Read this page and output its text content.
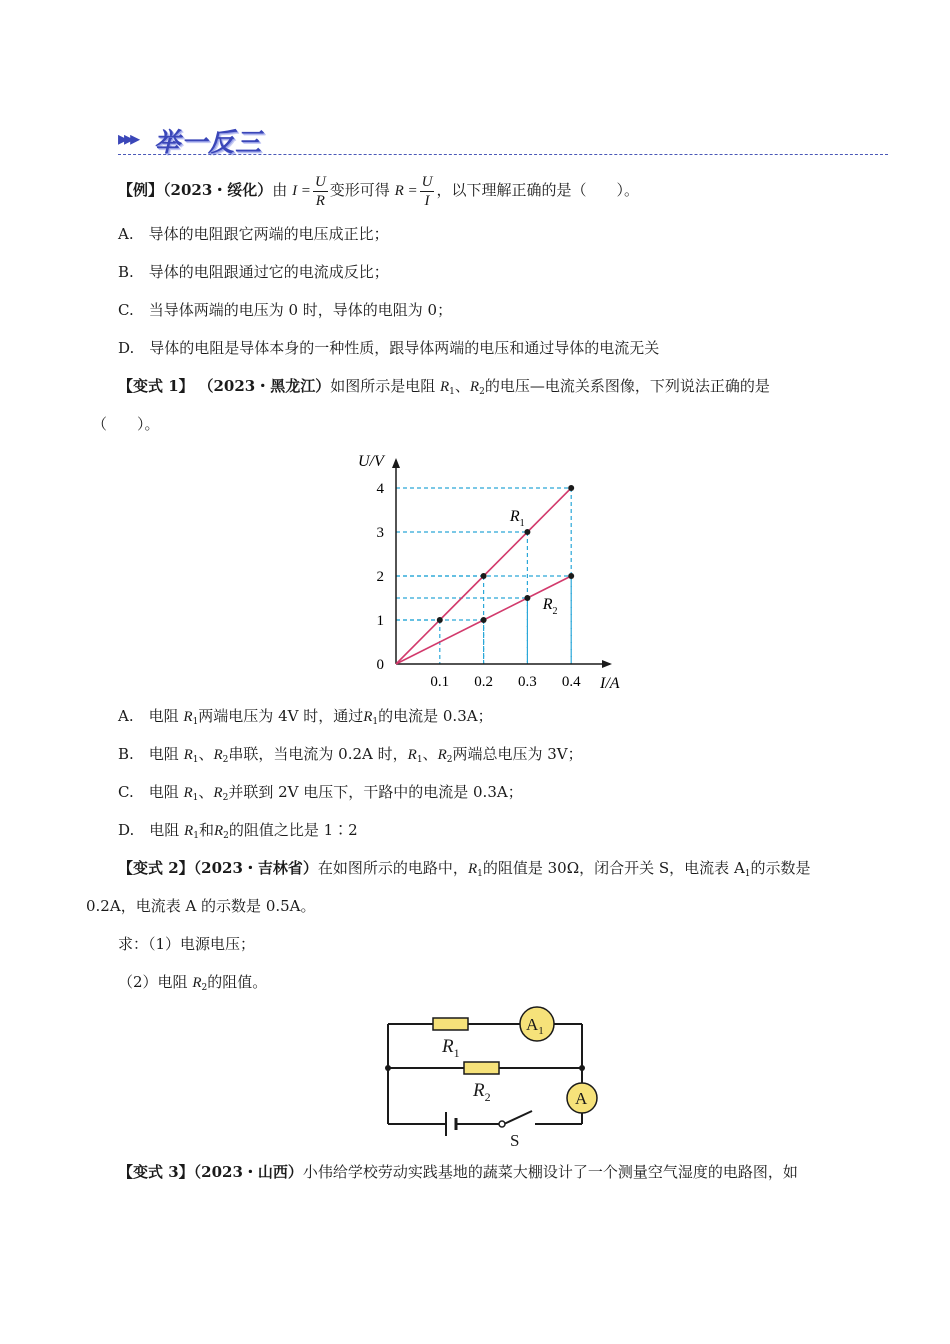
▸▸▸ 举一反三
【例】（2023・绥化）由 $I = \frac{U}{R}$ 变形可得 $R = \frac{U}{I}$ ，以下理解正确的是（　　）。
A.　导体的电阻跟它两端的电压成正比；
B.　导体的电阻跟通过它的电流成反比；
C.　当导体两端的电压为 0 时，导体的电阻为 0；
D.　导体的电阻是导体本身的一种性质，跟导体两端的电压和通过导体的电流无关
【变式 1】 （2023・黑龙江）如图所示是电阻 $R_1$、$R_2$的电压—电流关系图像，下列说法正确的是
（　　）。
0.1 0.2 0.3 0.4
1
2
3
4
0
U/V
I/A
$R_1$
$R_2$
A.　电阻 $R_1$两端电压为 4V 时，通过$R_1$的电流是 0.3A；
B.　电阻 $R_1$、$R_2$串联，当电流为 0.2A 时，$R_1$、$R_2$两端总电压为 3V；
C.　电阻 $R_1$、$R_2$并联到 2V 电压下，干路中的电流是 0.3A；
D.　电阻 $R_1$和$R_2$的阻值之比是 1∶2
【变式 2】（2023・吉林省）在如图所示的电路中，$R_1$的阻值是 30Ω，闭合开关 S，电流表 $A_1$的示数是
0.2A，电流表 A 的示数是 0.5A。
求：（1）电源电压；
（2）电阻 $R_2$的阻值。
$R_1$
$R_2$
$A_1$
A
S
【变式 3】（2023・山西）小伟给学校劳动实践基地的蔬菜大棚设计了一个测量空气湿度的电路图，如
